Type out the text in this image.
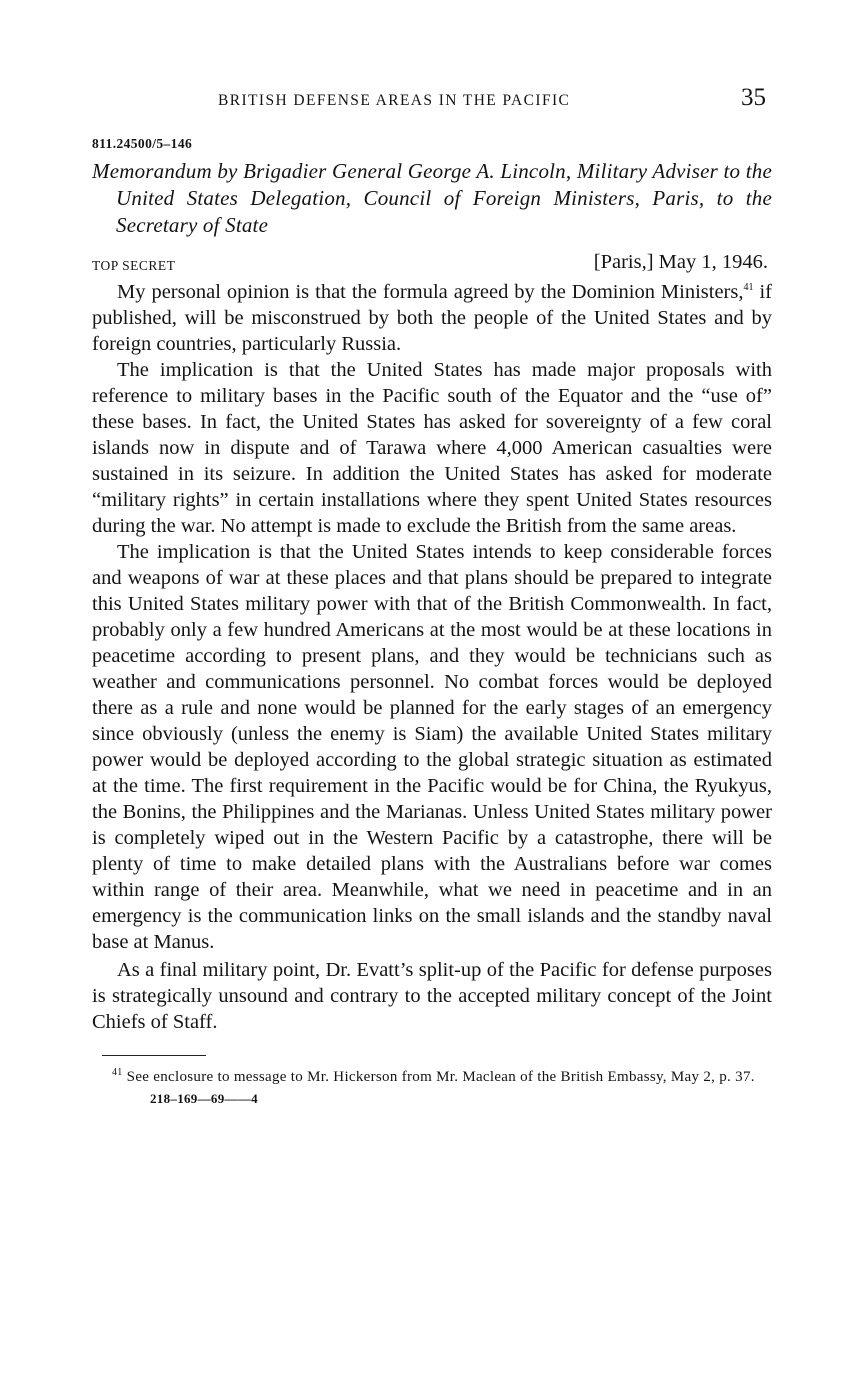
BRITISH DEFENSE AREAS IN THE PACIFIC	35
811.24500/5–146
Memorandum by Brigadier General George A. Lincoln, Military Adviser to the United States Delegation, Council of Foreign Ministers, Paris, to the Secretary of State
TOP SECRET	[Paris,] May 1, 1946.

My personal opinion is that the formula agreed by the Dominion Ministers,$^{41}$ if published, will be misconstrued by both the people of the United States and by foreign countries, particularly Russia.

The implication is that the United States has made major proposals with reference to military bases in the Pacific south of the Equator and the “use of” these bases. In fact, the United States has asked for sovereignty of a few coral islands now in dispute and of Tarawa where 4,000 American casualties were sustained in its seizure. In addition the United States has asked for moderate “military rights” in certain installations where they spent United States resources during the war. No attempt is made to exclude the British from the same areas.

The implication is that the United States intends to keep considerable forces and weapons of war at these places and that plans should be prepared to integrate this United States military power with that of the British Commonwealth. In fact, probably only a few hundred Americans at the most would be at these locations in peacetime according to present plans, and they would be technicians such as weather and communications personnel. No combat forces would be deployed there as a rule and none would be planned for the early stages of an emergency since obviously (unless the enemy is Siam) the available United States military power would be deployed according to the global strategic situation as estimated at the time. The first requirement in the Pacific would be for China, the Ryukyus, the Bonins, the Philippines and the Marianas. Unless United States military power is completely wiped out in the Western Pacific by a catastrophe, there will be plenty of time to make detailed plans with the Australians before war comes within range of their area. Meanwhile, what we need in peacetime and in an emergency is the communication links on the small islands and the standby naval base at Manus.

As a final military point, Dr. Evatt’s split-up of the Pacific for defense purposes is strategically unsound and contrary to the accepted military concept of the Joint Chiefs of Staff.

$^{41}$ See enclosure to message to Mr. Hickerson from Mr. Maclean of the British Embassy, May 2, p. 37.
218–169—69——4
